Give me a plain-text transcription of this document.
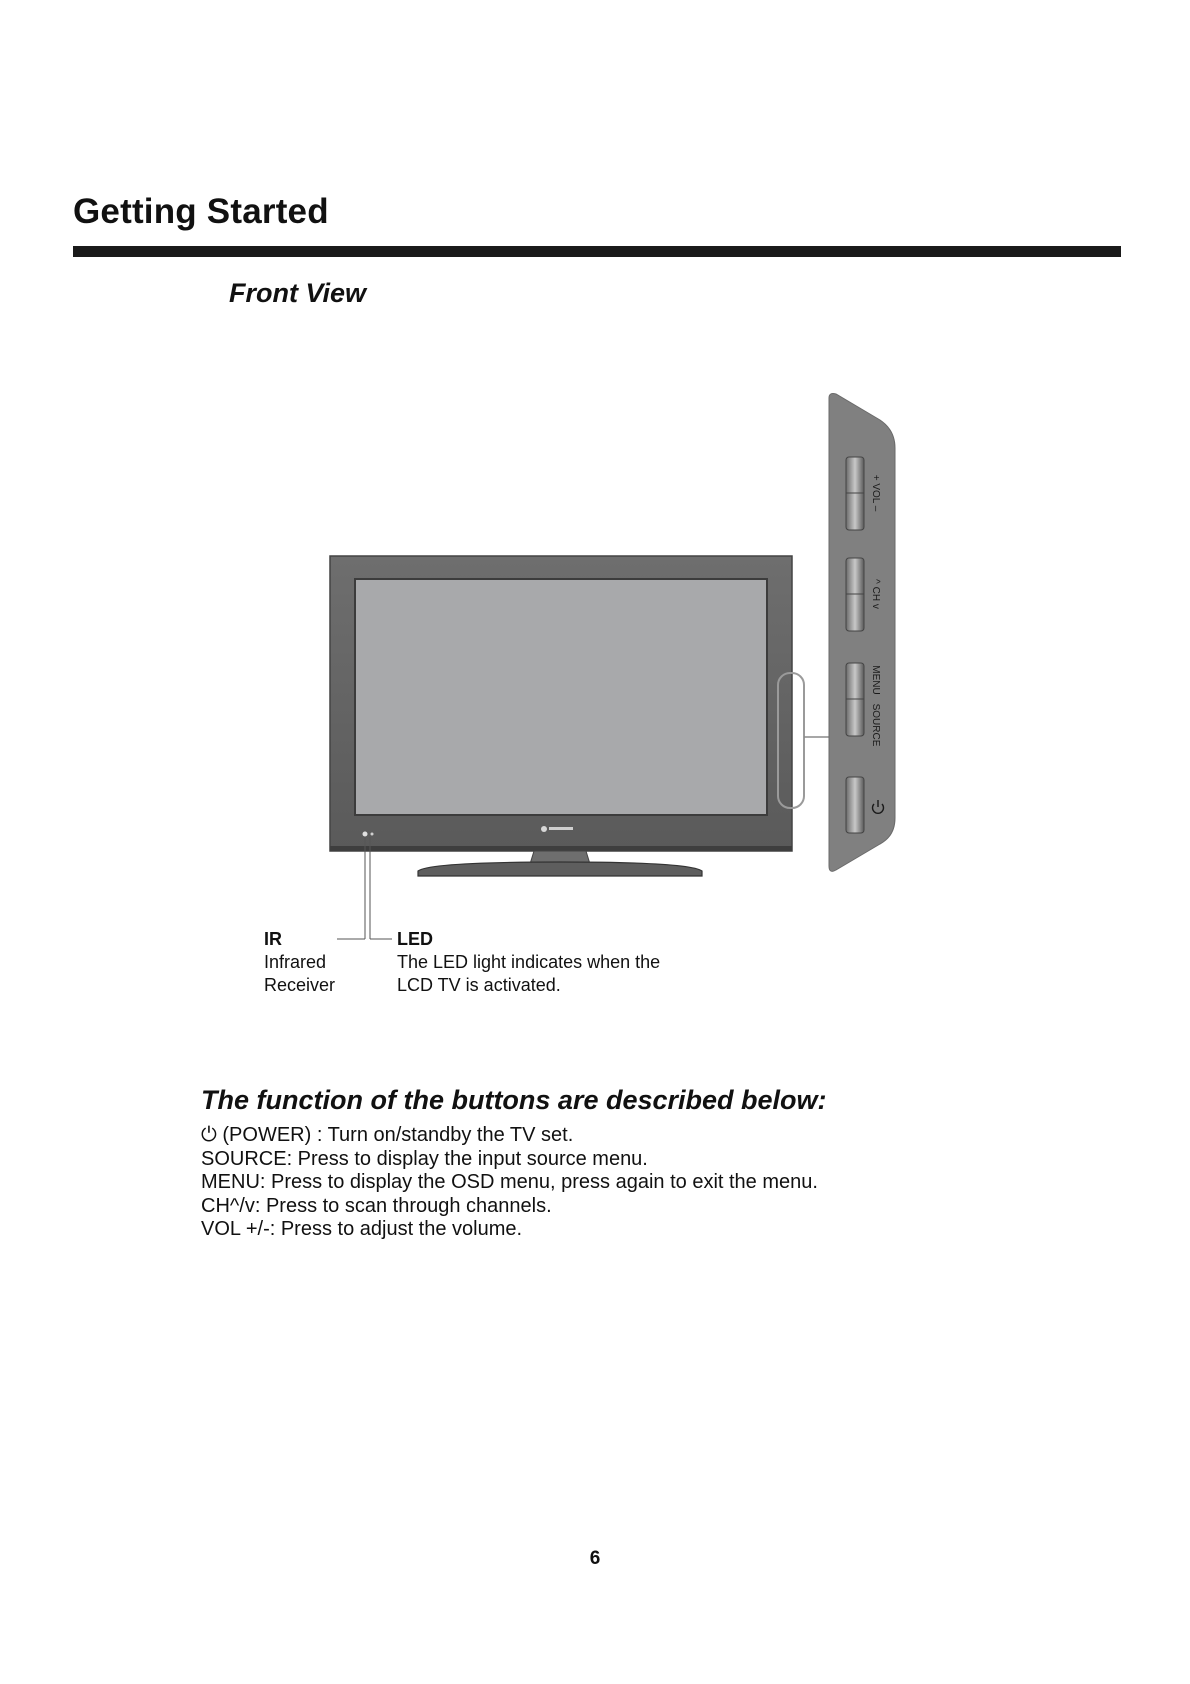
Getting Started
Front View
+ VOL –
^ CH v
MENU
SOURCE
IR
Infrared
Receiver
LED
The LED light indicates when the
LCD TV is activated.
The function of the buttons are described below:
⏻ (POWER) : Turn on/standby the TV set.
SOURCE: Press to display the input source menu.
MENU: Press to display the OSD menu, press again to exit the menu.
CH^/v: Press to scan through channels.
VOL +/-: Press to adjust the volume.
6
